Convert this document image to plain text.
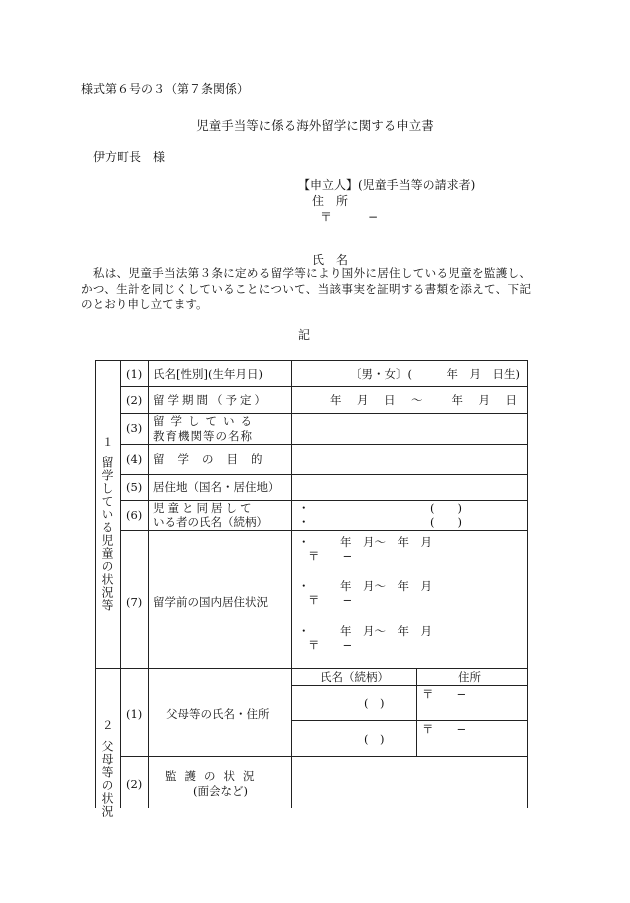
様式第６号の３（第７条関係）
児童手当等に係る海外留学に関する申立書
伊方町長　様
【申立人】(児童手当等の請求者)
住　所
〒	−
氏　名
　私は、児童手当法第３条に定める留学等により国外に居住している児童を監護し、かつ、生計を同じくしていることについて、当該事実を証明する書類を添えて、下記のとおり申し立てます。
記
１
留学している児童の状況等
(1) 氏名[性別](生年月日)	〔男・女〕(　　　年　月　日生)
(2) 留学期間（予定）	年　月　日　〜　　年　月　日
(3) 留学している
教育機関等の名称
(4) 留学の目的
(5) 居住地（国名・居住地）
(6) 児童と同居して
いる者の氏名（続柄）
・	(　　)
・	(　　)
(7) 留学前の国内居住状況
・	年　月〜　年　月
〒　　−
・	年　月〜　年　月
〒　　−
・	年　月〜　年　月
〒　　−
２
父母等の状況
氏名（続柄）	住所
(1) 父母等の氏名・住所
(　)
〒　　−
(　)
〒　　−
(2)
監護の状況
(面会など)
